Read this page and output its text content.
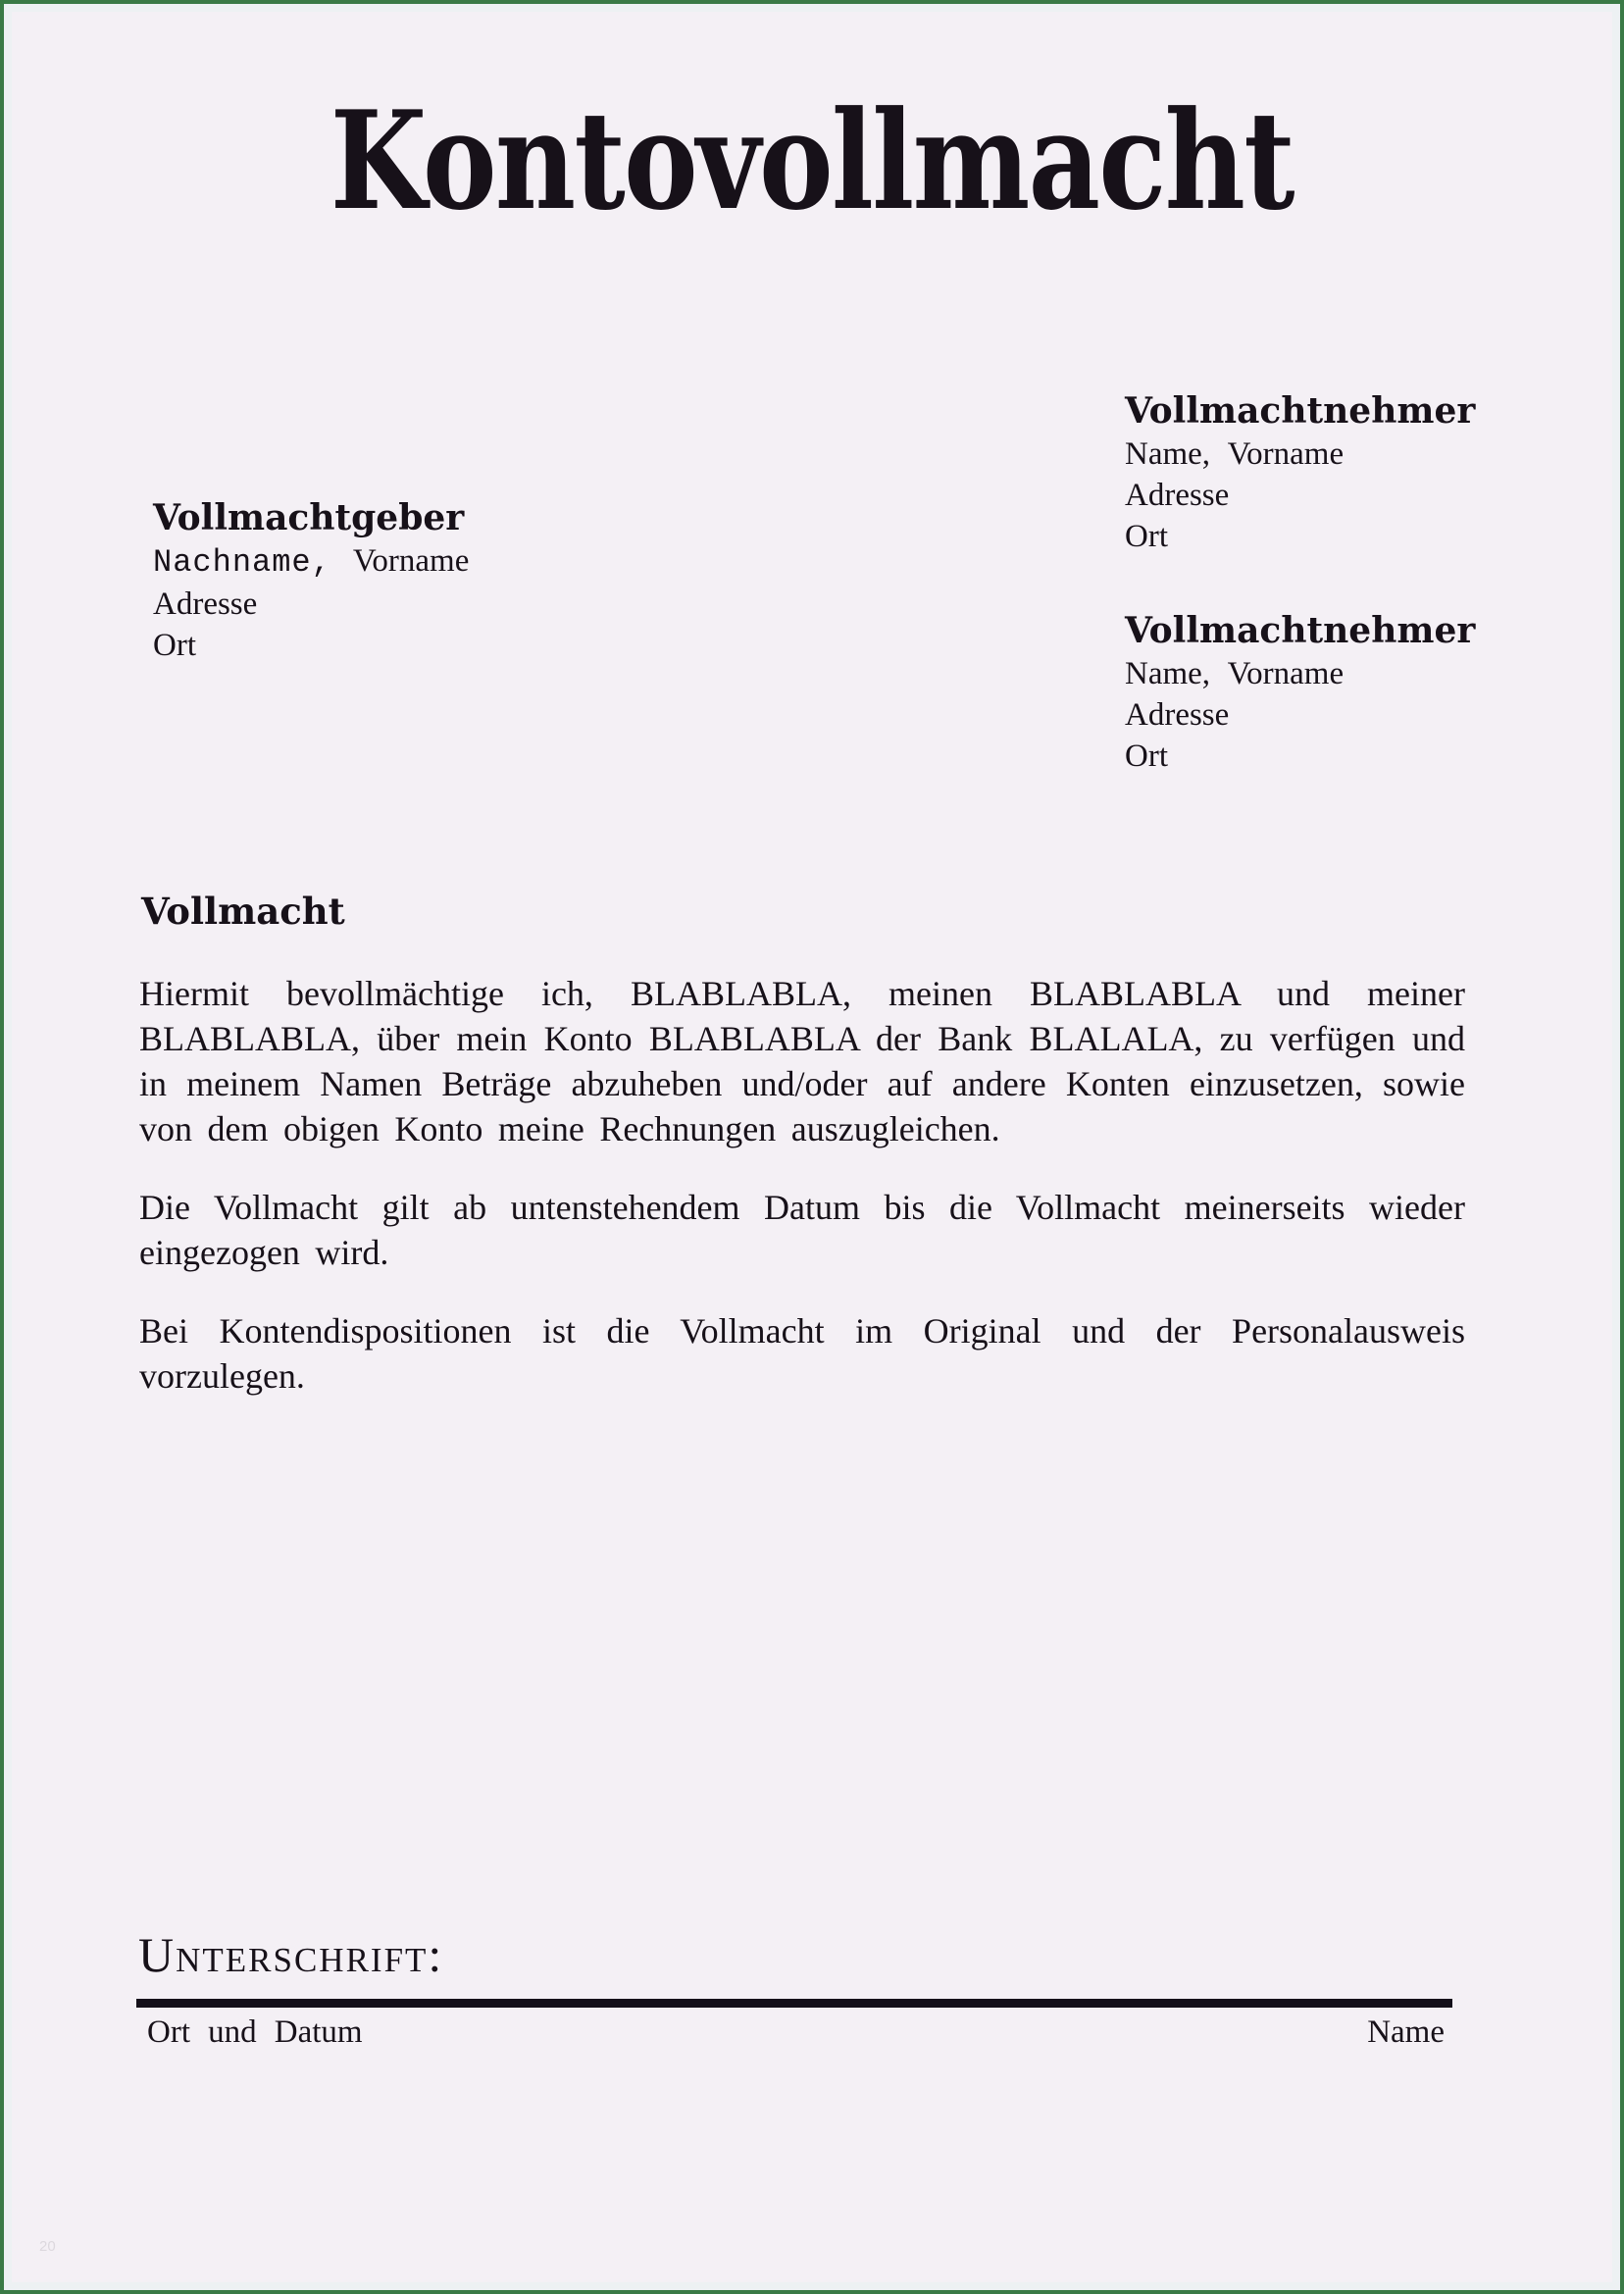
Kontovollmacht
Vollmachtnehmer
Name, Vorname
Adresse
Ort
Vollmachtgeber
Nachname, Vorname
Adresse
Ort	Vollmachtnehmer
Name, Vorname
Adresse
Ort
Vollmacht

Hiermit bevollmächtige ich, BLABLABLA, meinen BLABLABLA und meiner BLABLABLA, über mein Konto BLABLABLA der Bank BLALALA, zu verfügen und in meinem Namen Beträge abzuheben und/oder auf andere Konten einzusetzen, sowie von dem obigen Konto meine Rechnungen auszugleichen.

Die Vollmacht gilt ab untenstehendem Datum bis die Vollmacht meinerseits wieder eingezogen wird.

Bei Kontendispositionen ist die Vollmacht im Original und der Personalausweis vorzulegen.

Unterschrift:
Ort und Datum	Name
20
